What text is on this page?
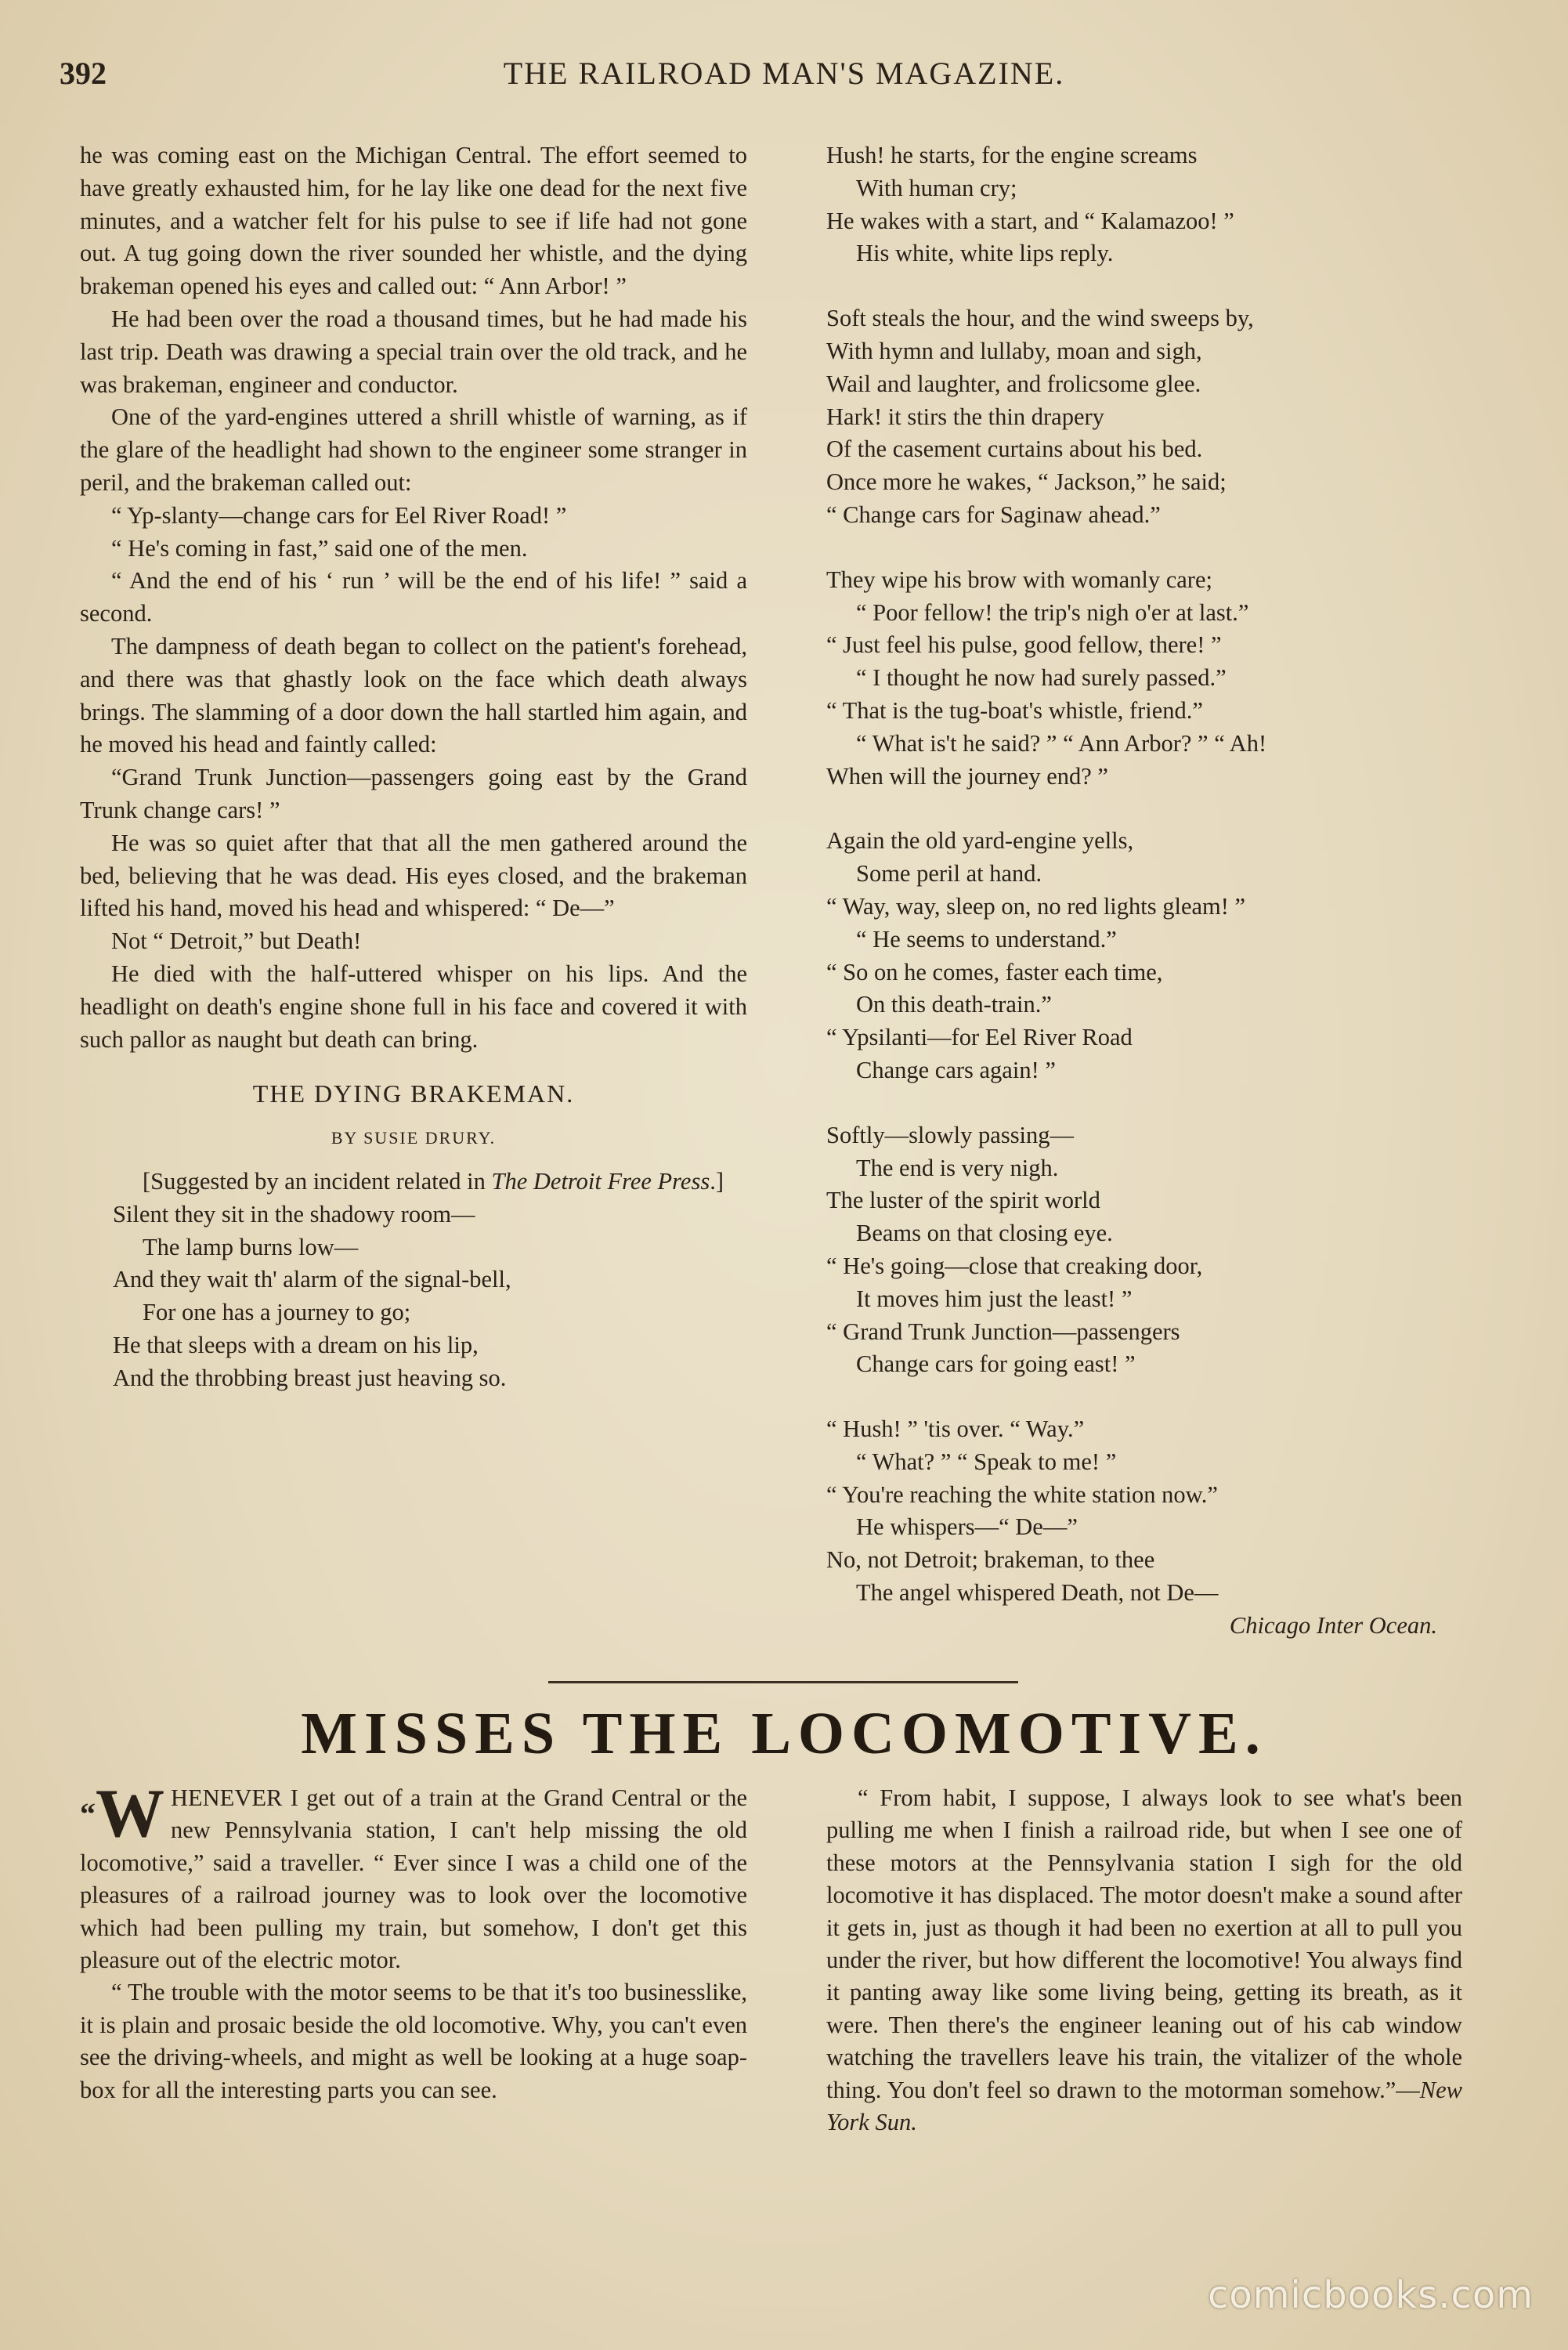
392	THE RAILROAD MAN'S MAGAZINE.

he was coming east on the Michigan Central. The effort seemed to have greatly exhausted him, for he lay like one dead for the next five minutes, and a watcher felt for his pulse to see if life had not gone out. A tug going down the river sounded her whistle, and the dying brakeman opened his eyes and called out: “ Ann Arbor! ”

He had been over the road a thousand times, but he had made his last trip. Death was drawing a special train over the old track, and he was brakeman, engineer and conductor.

One of the yard-engines uttered a shrill whistle of warning, as if the glare of the headlight had shown to the engineer some stranger in peril, and the brakeman called out:

“ Yp-slanty—change cars for Eel River Road! ”

“ He's coming in fast,” said one of the men.

“ And the end of his ‘ run ’ will be the end of his life! ” said a second.

The dampness of death began to collect on the patient's forehead, and there was that ghastly look on the face which death always brings. The slamming of a door down the hall startled him again, and he moved his head and faintly called:

“Grand Trunk Junction—passengers going east by the Grand Trunk change cars! ”

He was so quiet after that that all the men gathered around the bed, believing that he was dead. His eyes closed, and the brakeman lifted his hand, moved his head and whispered: “ De—”

Not “ Detroit,” but Death!

He died with the half-uttered whisper on his lips. And the headlight on death's engine shone full in his face and covered it with such pallor as naught but death can bring.

THE DYING BRAKEMAN.
BY SUSIE DRURY.

[Suggested by an incident related in The Detroit Free Press.]

Silent they sit in the shadowy room—
The lamp burns low—
And they wait th' alarm of the signal-bell,
For one has a journey to go;
He that sleeps with a dream on his lip,
And the throbbing breast just heaving so.
Hush! he starts, for the engine screams
With human cry;
He wakes with a start, and “ Kalamazoo! ”
His white, white lips reply.
Soft steals the hour, and the wind sweeps by,
With hymn and lullaby, moan and sigh,
Wail and laughter, and frolicsome glee.
Hark! it stirs the thin drapery
Of the casement curtains about his bed.
Once more he wakes, “ Jackson,” he said;
“ Change cars for Saginaw ahead.”
They wipe his brow with womanly care;
“ Poor fellow! the trip's nigh o'er at last.”
“ Just feel his pulse, good fellow, there! ”
“ I thought he now had surely passed.”
“ That is the tug-boat's whistle, friend.”
“ What is't he said? ” “ Ann Arbor? ” “ Ah!
When will the journey end? ”
Again the old yard-engine yells,
Some peril at hand.
“ Way, way, sleep on, no red lights gleam! ”
“ He seems to understand.”
“ So on he comes, faster each time,
On this death-train.”
“ Ypsilanti—for Eel River Road
Change cars again! ”
Softly—slowly passing—
The end is very nigh.
The luster of the spirit world
Beams on that closing eye.
“ He's going—close that creaking door,
It moves him just the least! ”
“ Grand Trunk Junction—passengers
Change cars for going east! ”
“ Hush! ” 'tis over. “ Way.”
“ What? ” “ Speak to me! ”
“ You're reaching the white station now.”
He whispers—“ De—”
No, not Detroit; brakeman, to thee
The angel whispered Death, not De—
Chicago Inter Ocean.
MISSES THE LOCOMOTIVE.

“W HENEVER I get out of a train at the Grand Central or the new Pennsylvania station, I can't help missing the old locomotive,” said a traveller. “ Ever since I was a child one of the pleasures of a railroad journey was to look over the locomotive which had been pulling my train, but somehow, I don't get this pleasure out of the electric motor.

“ The trouble with the motor seems to be that it's too businesslike, it is plain and prosaic beside the old locomotive. Why, you can't even see the driving-wheels, and might as well be looking at a huge soap-box for all the interesting parts you can see.

“ From habit, I suppose, I always look to see what's been pulling me when I finish a railroad ride, but when I see one of these motors at the Pennsylvania station I sigh for the old locomotive it has displaced. The motor doesn't make a sound after it gets in, just as though it had been no exertion at all to pull you under the river, but how different the locomotive! You always find it panting away like some living being, getting its breath, as it were. Then there's the engineer leaning out of his cab window watching the travellers leave his train, the vitalizer of the whole thing. You don't feel so drawn to the motorman somehow.”—New York Sun.

comicbooks.com
